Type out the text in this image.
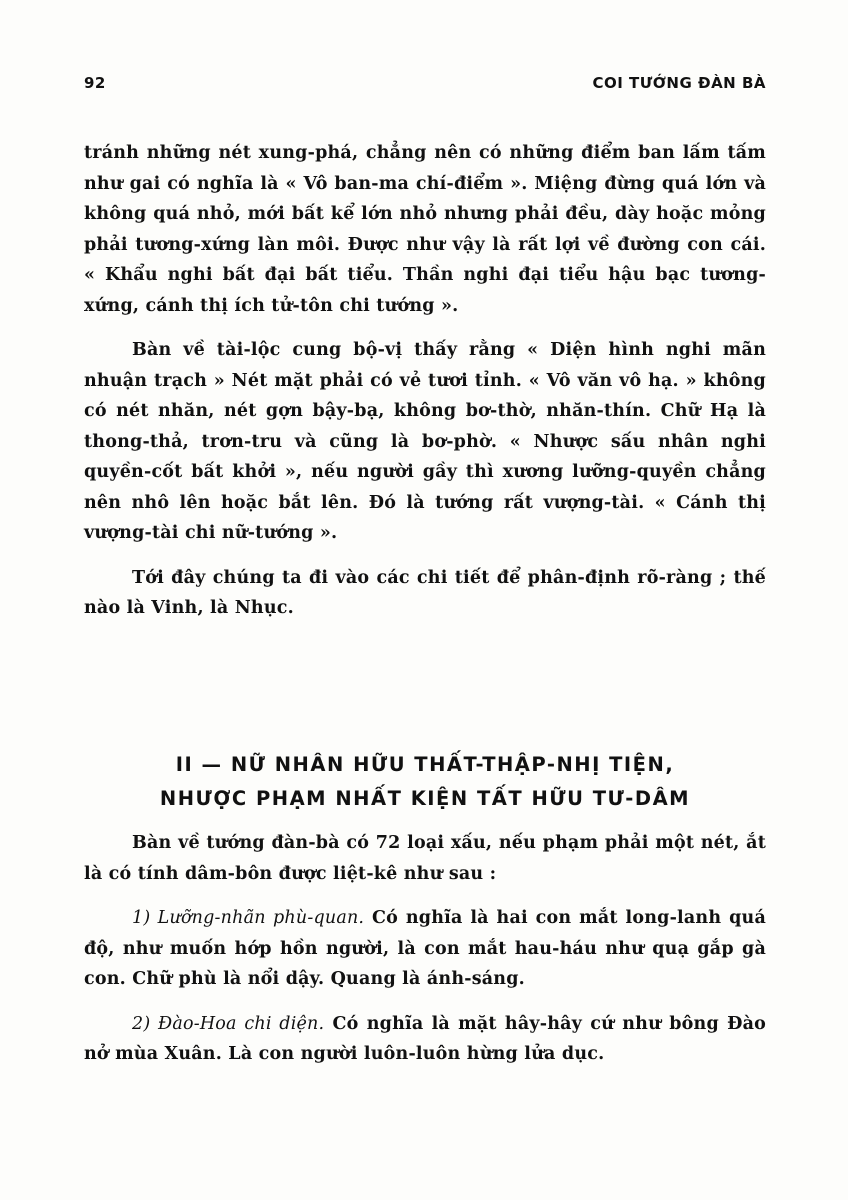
92	COI TƯỚNG ĐÀN BÀ

tránh những nét xung-phá, chẳng nên có những điểm ban lấm tấm như gai có nghĩa là « Vô ban-ma chí-điểm ». Miệng đừng quá lớn và không quá nhỏ, mới bất kể lớn nhỏ nhưng phải đều, dày hoặc mỏng phải tương-xứng làn môi. Được như vậy là rất lợi về đường con cái. « Khẩu nghi bất đại bất tiểu. Thần nghi đại tiểu hậu bạc tương-xứng, cánh thị ích tử-tôn chi tướng ».

Bàn về tài-lộc cung bộ-vị thấy rằng « Diện hình nghi mãn nhuận trạch » Nét mặt phải có vẻ tươi tỉnh. « Vô văn vô hạ. » không có nét nhăn, nét gợn bậy-bạ, không bơ-thờ, nhăn-thín. Chữ Hạ là thong-thả, trơn-tru và cũng là bơ-phờ. « Nhược sấu nhân nghi quyền-cốt bất khởi », nếu người gầy thì xương lưỡng-quyền chẳng nên nhô lên hoặc bắt lên. Đó là tướng rất vượng-tài. « Cánh thị vượng-tài chi nữ-tướng ».

Tới đây chúng ta đi vào các chi tiết để phân-định rõ-ràng ; thế nào là Vinh, là Nhục.

II — NỮ NHÂN HỮU THẤT-THẬP-NHỊ TIỆN,
NHƯỢC PHẠM NHẤT KIỆN TẤT HỮU TƯ-DÂM

Bàn về tướng đàn-bà có 72 loại xấu, nếu phạm phải một nét, ắt là có tính dâm-bôn được liệt-kê như sau :

1) Lưỡng-nhãn phù-quan. Có nghĩa là hai con mắt long-lanh quá độ, như muốn hớp hồn người, là con mắt hau-háu như quạ gắp gà con. Chữ phù là nổi dậy. Quang là ánh-sáng.

2) Đào-Hoa chi diện. Có nghĩa là mặt hây-hây cứ như bông Đào nở mùa Xuân. Là con người luôn-luôn hừng lửa dục.
